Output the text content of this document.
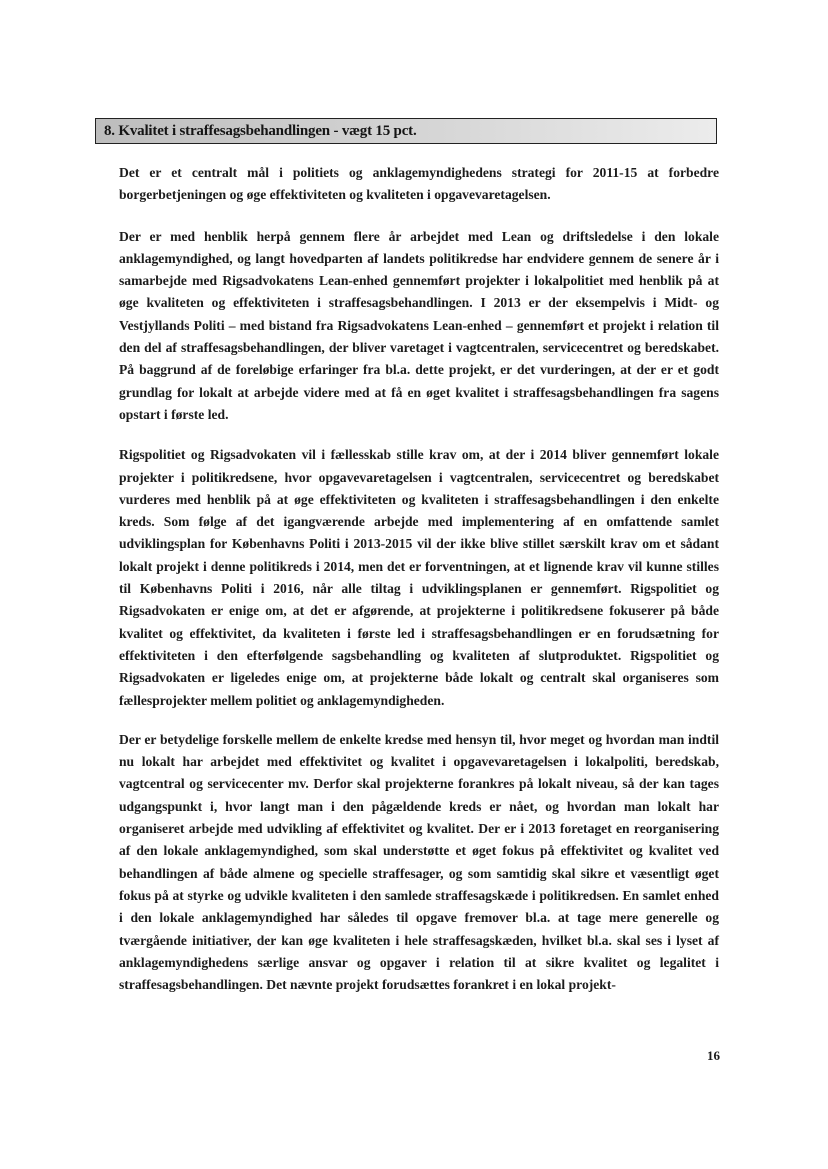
8. Kvalitet i straffesagsbehandlingen - vægt 15 pct.

Det er et centralt mål i politiets og anklagemyndighedens strategi for 2011-15 at forbedre borgerbetjeningen og øge effektiviteten og kvaliteten i opgavevaretagelsen.

Der er med henblik herpå gennem flere år arbejdet med Lean og driftsledelse i den lokale anklagemyndighed, og langt hovedparten af landets politikredse har endvidere gennem de senere år i samarbejde med Rigsadvokatens Lean-enhed gennemført projekter i lokalpolitiet med henblik på at øge kvaliteten og effektiviteten i straffesagsbehandlingen. I 2013 er der eksempelvis i Midt- og Vestjyllands Politi – med bistand fra Rigsadvokatens Lean-enhed – gennemført et projekt i relation til den del af straffesagsbehandlingen, der bliver varetaget i vagtcentralen, servicecentret og beredskabet. På baggrund af de foreløbige erfaringer fra bl.a. dette projekt, er det vurderingen, at der er et godt grundlag for lokalt at arbejde videre med at få en øget kvalitet i straffesagsbehandlingen fra sagens opstart i første led.

Rigspolitiet og Rigsadvokaten vil i fællesskab stille krav om, at der i 2014 bliver gennemført lokale projekter i politikredsene, hvor opgavevaretagelsen i vagtcentralen, servicecentret og beredskabet vurderes med henblik på at øge effektiviteten og kvaliteten i straffesagsbehandlingen i den enkelte kreds. Som følge af det igangværende arbejde med implementering af en omfattende samlet udviklingsplan for Københavns Politi i 2013-2015 vil der ikke blive stillet særskilt krav om et sådant lokalt projekt i denne politikreds i 2014, men det er forventningen, at et lignende krav vil kunne stilles til Københavns Politi i 2016, når alle tiltag i udviklingsplanen er gennemført. Rigspolitiet og Rigsadvokaten er enige om, at det er afgørende, at projekterne i politikredsene fokuserer på både kvalitet og effektivitet, da kvaliteten i første led i straffesagsbehandlingen er en forudsætning for effektiviteten i den efterfølgende sagsbehandling og kvaliteten af slutproduktet. Rigspolitiet og Rigsadvokaten er ligeledes enige om, at projekterne både lokalt og centralt skal organiseres som fællesprojekter mellem politiet og anklagemyndigheden.

Der er betydelige forskelle mellem de enkelte kredse med hensyn til, hvor meget og hvordan man indtil nu lokalt har arbejdet med effektivitet og kvalitet i opgavevaretagelsen i lokalpoliti, beredskab, vagtcentral og servicecenter mv. Derfor skal projekterne forankres på lokalt niveau, så der kan tages udgangspunkt i, hvor langt man i den pågældende kreds er nået, og hvordan man lokalt har organiseret arbejde med udvikling af effektivitet og kvalitet. Der er i 2013 foretaget en reorganisering af den lokale anklagemyndighed, som skal understøtte et øget fokus på effektivitet og kvalitet ved behandlingen af både almene og specielle straffesager, og som samtidig skal sikre et væsentligt øget fokus på at styrke og udvikle kvaliteten i den samlede straffesagskæde i politikredsen. En samlet enhed i den lokale anklagemyndighed har således til opgave fremover bl.a. at tage mere generelle og tværgående initiativer, der kan øge kvaliteten i hele straffesagskæden, hvilket bl.a. skal ses i lyset af anklagemyndighedens særlige ansvar og opgaver i relation til at sikre kvalitet og legalitet i straffesagsbehandlingen. Det nævnte projekt forudsættes forankret i en lokal projekt-

16
